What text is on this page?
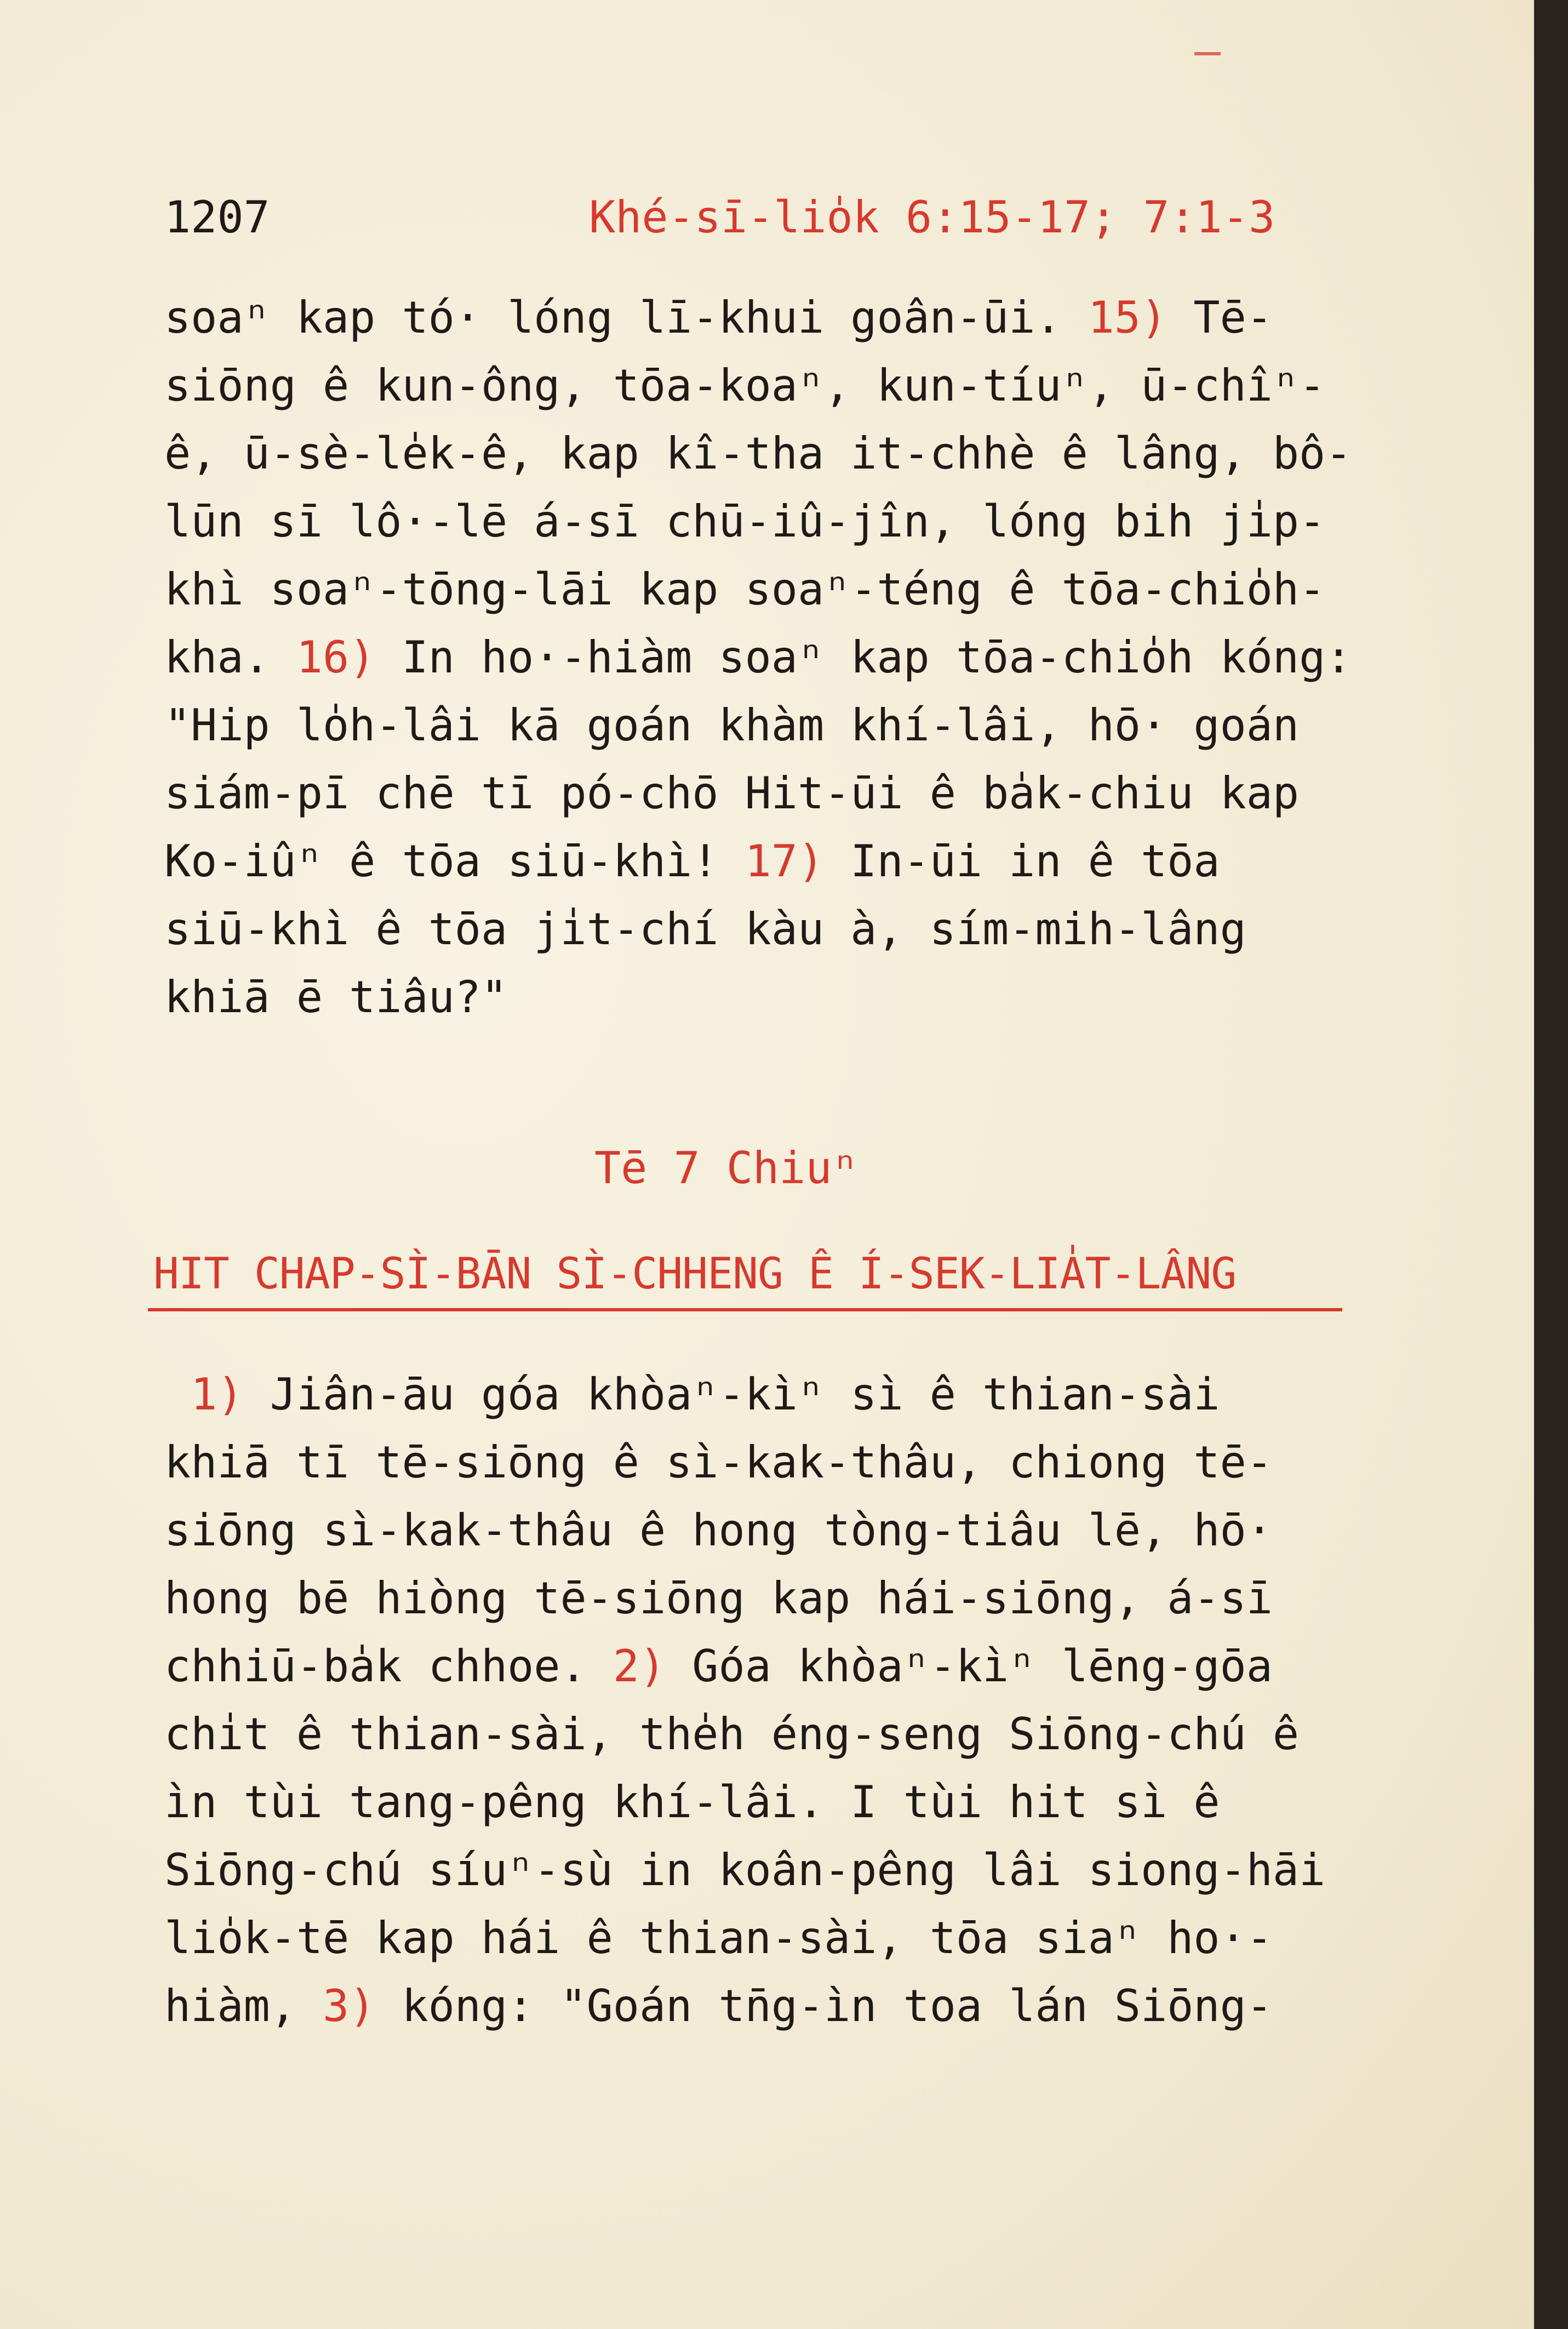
1207	Khé-sī-lio̍k 6:15-17; 7:1-3
soaⁿ kap tó· lóng lī-khui goân-ūi. 15) Tē-
siōng ê kun-ông, tōa-koaⁿ, kun-tíuⁿ, ū-chîⁿ-
ê, ū-sè-le̍k-ê, kap kî-tha it-chhè ê lâng, bô-
lūn sī lô·-lē á-sī chū-iû-jîn, lóng bih ji̍p-
khì soaⁿ-tōng-lāi kap soaⁿ-téng ê tōa-chio̍h-
kha. 16) In ho·-hiàm soaⁿ kap tōa-chio̍h kóng:
"Hip lo̍h-lâi kā goán khàm khí-lâi, hō· goán
siám-pī chē tī pó-chō Hit-ūi ê ba̍k-chiu kap
Ko-iûⁿ ê tōa siū-khì! 17) In-ūi in ê tōa
siū-khì ê tōa ji̍t-chí kàu à, sím-mih-lâng
khiā ē tiâu?"
Tē 7 Chiuⁿ
HIT CHAP-SÌ-BĀN SÌ-CHHENG Ê Í-SEK-LIA̍T-LÂNG
1) Jiân-āu góa khòaⁿ-kìⁿ sì ê thian-sài
khiā tī tē-siōng ê sì-kak-thâu, chiong tē-
siōng sì-kak-thâu ê hong tòng-tiâu lē, hō·
hong bē hiòng tē-siōng kap hái-siōng, á-sī
chhiū-ba̍k chhoe. 2) Góa khòaⁿ-kìⁿ lēng-gōa
chi̍t ê thian-sài, the̍h éng-seng Siōng-chú ê
ìn tùi tang-pêng khí-lâi. I tùi hit sì ê
Siōng-chú síuⁿ-sù in koân-pêng lâi siong-hāi
lio̍k-tē kap hái ê thian-sài, tōa siaⁿ ho·-
hiàm, 3) kóng: "Goán tn̄g-ìn toa lán Siōng-
